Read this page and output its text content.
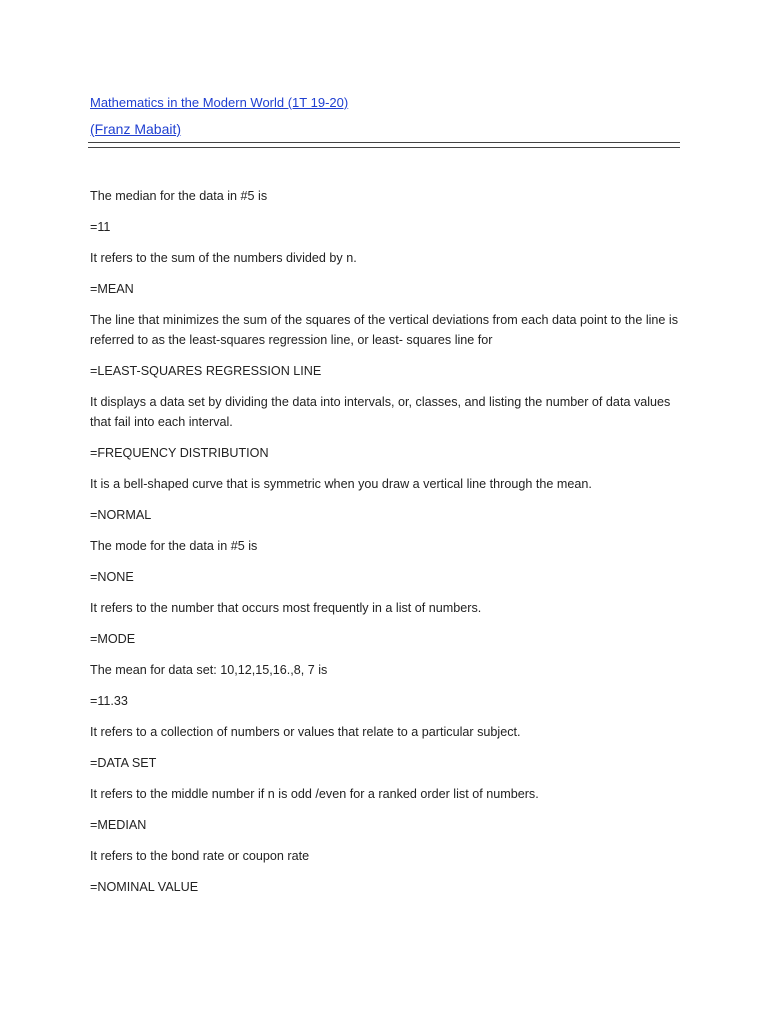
Mathematics in the Modern World (1T 19-20)
(Franz Mabait)

The median for the data in #5 is

=11

It refers to the sum of the numbers divided by n.

=MEAN

The line that minimizes the sum of the squares of the vertical deviations from each data point to the line is referred to as the least-squares regression line, or least- squares line for

=LEAST-SQUARES REGRESSION LINE

It displays a data set by dividing the data into intervals, or, classes, and listing the number of data values that fail into each interval.

=FREQUENCY DISTRIBUTION

It is a bell-shaped curve that is symmetric when you draw a vertical line through the mean.

=NORMAL

The mode for the data in #5 is

=NONE

It refers to the number that occurs most frequently in a list of numbers.

=MODE

The mean for data set: 10,12,15,16.,8, 7 is

=11.33

It refers to a collection of numbers or values that relate to a particular subject.

=DATA SET

It refers to the middle number if n is odd /even for a ranked order list of numbers.

=MEDIAN

It refers to the bond rate or coupon rate

=NOMINAL VALUE
